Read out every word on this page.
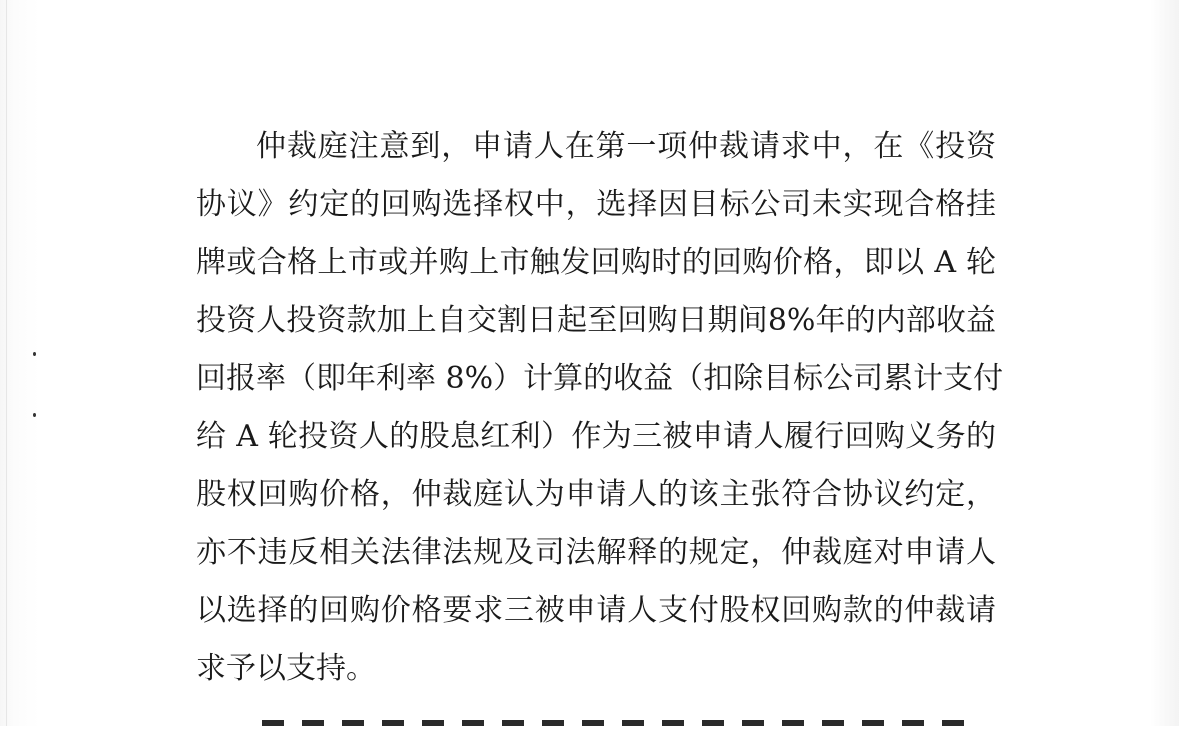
仲裁庭注意到，申请人在第一项仲裁请求中，在《投资
协议》约定的回购选择权中，选择因目标公司未实现合格挂
牌或合格上市或并购上市触发回购时的回购价格，即以 A 轮
投资人投资款加上自交割日起至回购日期间8%年的内部收益
回报率（即年利率 8%）计算的收益（扣除目标公司累计支付
给 A 轮投资人的股息红利）作为三被申请人履行回购义务的
股权回购价格，仲裁庭认为申请人的该主张符合协议约定，
亦不违反相关法律法规及司法解释的规定，仲裁庭对申请人
以选择的回购价格要求三被申请人支付股权回购款的仲裁请
求予以支持。
